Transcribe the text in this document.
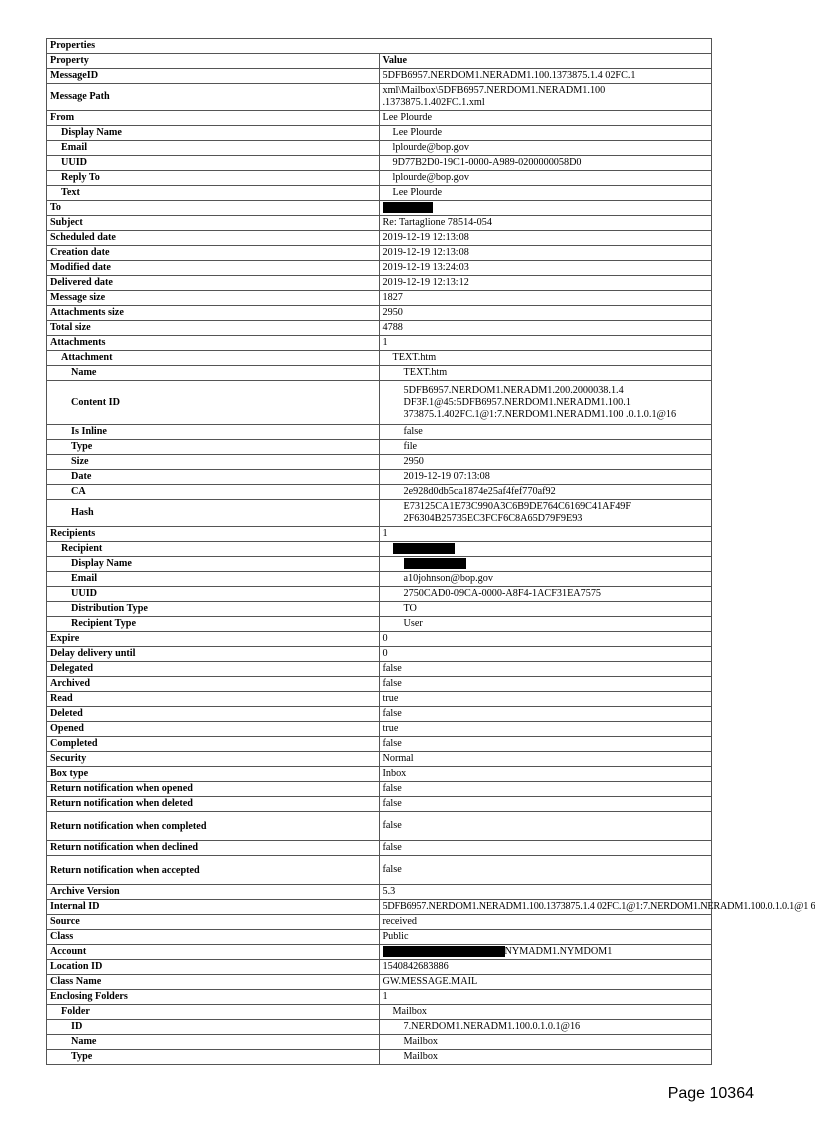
Properties	
Property	Value
MessageID	5DFB6957.NERDOM1.NERADM1.100.1373875.1.4 02FC.1
Message Path	xml\Mailbox\5DFB6957.NERDOM1.NERADM1.100 .1373875.1.402FC.1.xml
From	Lee Plourde
Display Name	Lee Plourde
Email	lplourde@bop.gov
UUID	9D77B2D0-19C1-0000-A989-0200000058D0
Reply To	lplourde@bop.gov
Text	Lee Plourde
To	
Subject	Re: Tartaglione 78514-054
Scheduled date	2019-12-19 12:13:08
Creation date	2019-12-19 12:13:08
Modified date	2019-12-19 13:24:03
Delivered date	2019-12-19 12:13:12
Message size	1827
Attachments size	2950
Total size	4788
Attachments	1
Attachment	TEXT.htm
Name	TEXT.htm
Content ID	5DFB6957.NERDOM1.NERADM1.200.2000038.1.4
DF3F.1@45:5DFB6957.NERDOM1.NERADM1.100.1
373875.1.402FC.1@1:7.NERDOM1.NERADM1.100 .0.1.0.1@16

Is Inline	false
Type	file
Size	2950
Date	2019-12-19 07:13:08
CA	2e928d0db5ca1874e25af4fef770af92
Hash	E73125CA1E73C990A3C6B9DE764C6169C41AF49F 2F6304B25735EC3FCF6C8A65D79F9E93
Recipients	1
Recipient	
Display Name	
Email	a10johnson@bop.gov
UUID	2750CAD0-09CA-0000-A8F4-1ACF31EA7575
Distribution Type	TO
Recipient Type	User
Expire	0
Delay delivery until	0
Delegated	false
Archived	false
Read	true
Deleted	false
Opened	true
Completed	false
Security	Normal
Box type	Inbox
Return notification when opened	false
Return notification when deleted	false
Return notification when completed	false
Return notification when declined	false
Return notification when accepted	false
Archive Version	5.3
Internal ID	5DFB6957.NERDOM1.NERADM1.100.1373875.1.4 02FC.1@1:7.NERDOM1.NERADM1.100.0.1.0.1@1 6
Source	received
Class	Public
Account	NYMADM1.NYMDOM1
Location ID	1540842683886
Class Name	GW.MESSAGE.MAIL
Enclosing Folders	1
Folder	Mailbox
ID	7.NERDOM1.NERADM1.100.0.1.0.1@16
Name	Mailbox
Type	Mailbox
Page 10364
